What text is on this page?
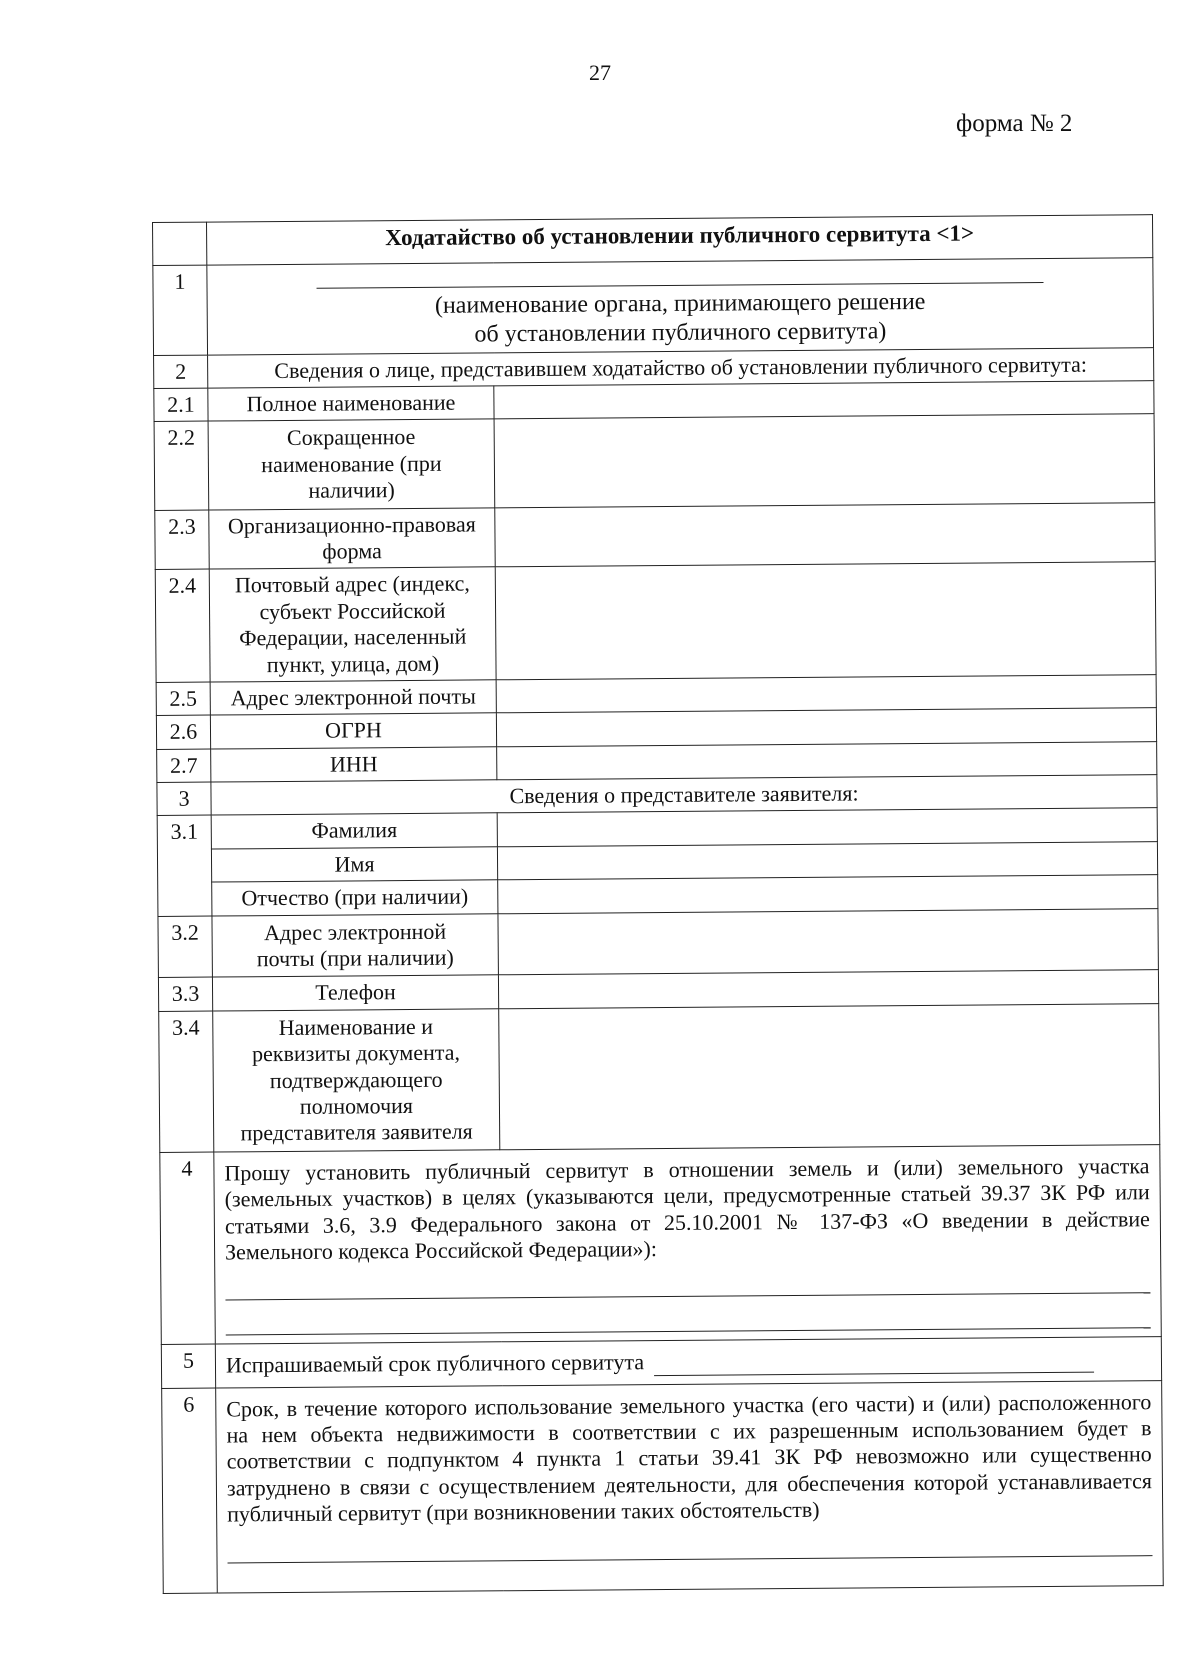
27
форма № 2
	Ходатайство об установлении публичного сервитута <1>	
1	(наименование органа, принимающего решение
об установлении публичного сервитута)	

2	Сведения о лице, представившем ходатайство об установлении публичного сервитута:	
2.1	Полное наименование	
2.2	Сокращенное наименование (при наличии)	
2.3	Организационно-правовая форма	
2.4	Почтовый адрес (индекс, субъект Российской Федерации, населенный пункт, улица, дом)	
2.5	Адрес электронной почты	
2.6	ОГРН	
2.7	ИНН	
3	Сведения о представителе заявителя:	
3.1	Фамилия	
	Имя	
	Отчество (при наличии)	
3.2	Адрес электронной почты (при наличии)	
3.3	Телефон	
3.4	Наименование и реквизиты документа, подтверждающего полномочия представителя заявителя	
4	Прошу установить публичный сервитут в отношении земель и (или) земельного участка (земельных участков) в целях (указываются цели, предусмотренные статьей 39.37 ЗК РФ или статьями 3.6, 3.9 Федерального закона от 25.10.2001 № 137-ФЗ «О введении в действие Земельного кодекса Российской Федерации»):	

5	Испрашиваемый срок публичного сервитута	
6	Срок, в течение которого использование земельного участка (его части) и (или) расположенного на нем объекта недвижимости в соответствии с их разрешенным использованием будет в соответствии с подпунктом 4 пункта 1 статьи 39.41 ЗК РФ невозможно или существенно затруднено в связи с осуществлением деятельности, для обеспечения которой устанавливается публичный сервитут (при возникновении таких обстоятельств)	
